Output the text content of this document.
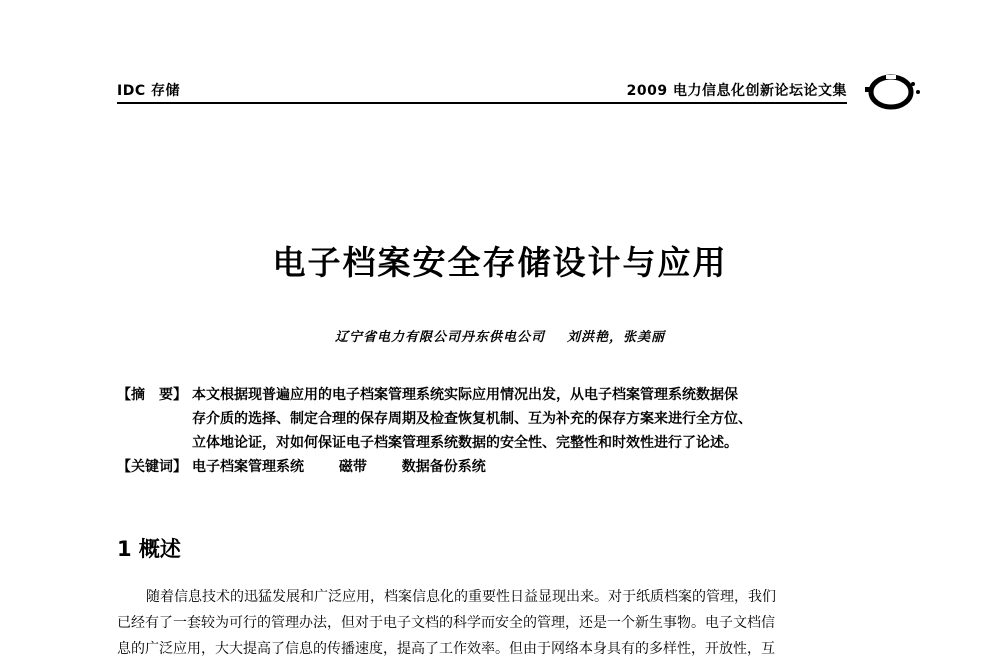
IDC 存储	2009 电力信息化创新论坛论文集
电子档案安全存储设计与应用
辽宁省电力有限公司丹东供电公司 刘洪艳，张美丽
【摘　要】 本文根据现普遍应用的电子档案管理系统实际应用情况出发，从电子档案管理系统数据保
存介质的选择、制定合理的保存周期及检查恢复机制、互为补充的保存方案来进行全方位、
立体地论证，对如何保证电子档案管理系统数据的安全性、完整性和时效性进行了论述。
【关键词】 电子档案管理系统 磁带 数据备份系统
1 概述
随着信息技术的迅猛发展和广泛应用，档案信息化的重要性日益显现出来。对于纸质档案的管理，我们
已经有了一套较为可行的管理办法，但对于电子文档的科学而安全的管理，还是一个新生事物。电子文档信
息的广泛应用，大大提高了信息的传播速度，提高了工作效率。但由于网络本身具有的多样性，开放性，互
